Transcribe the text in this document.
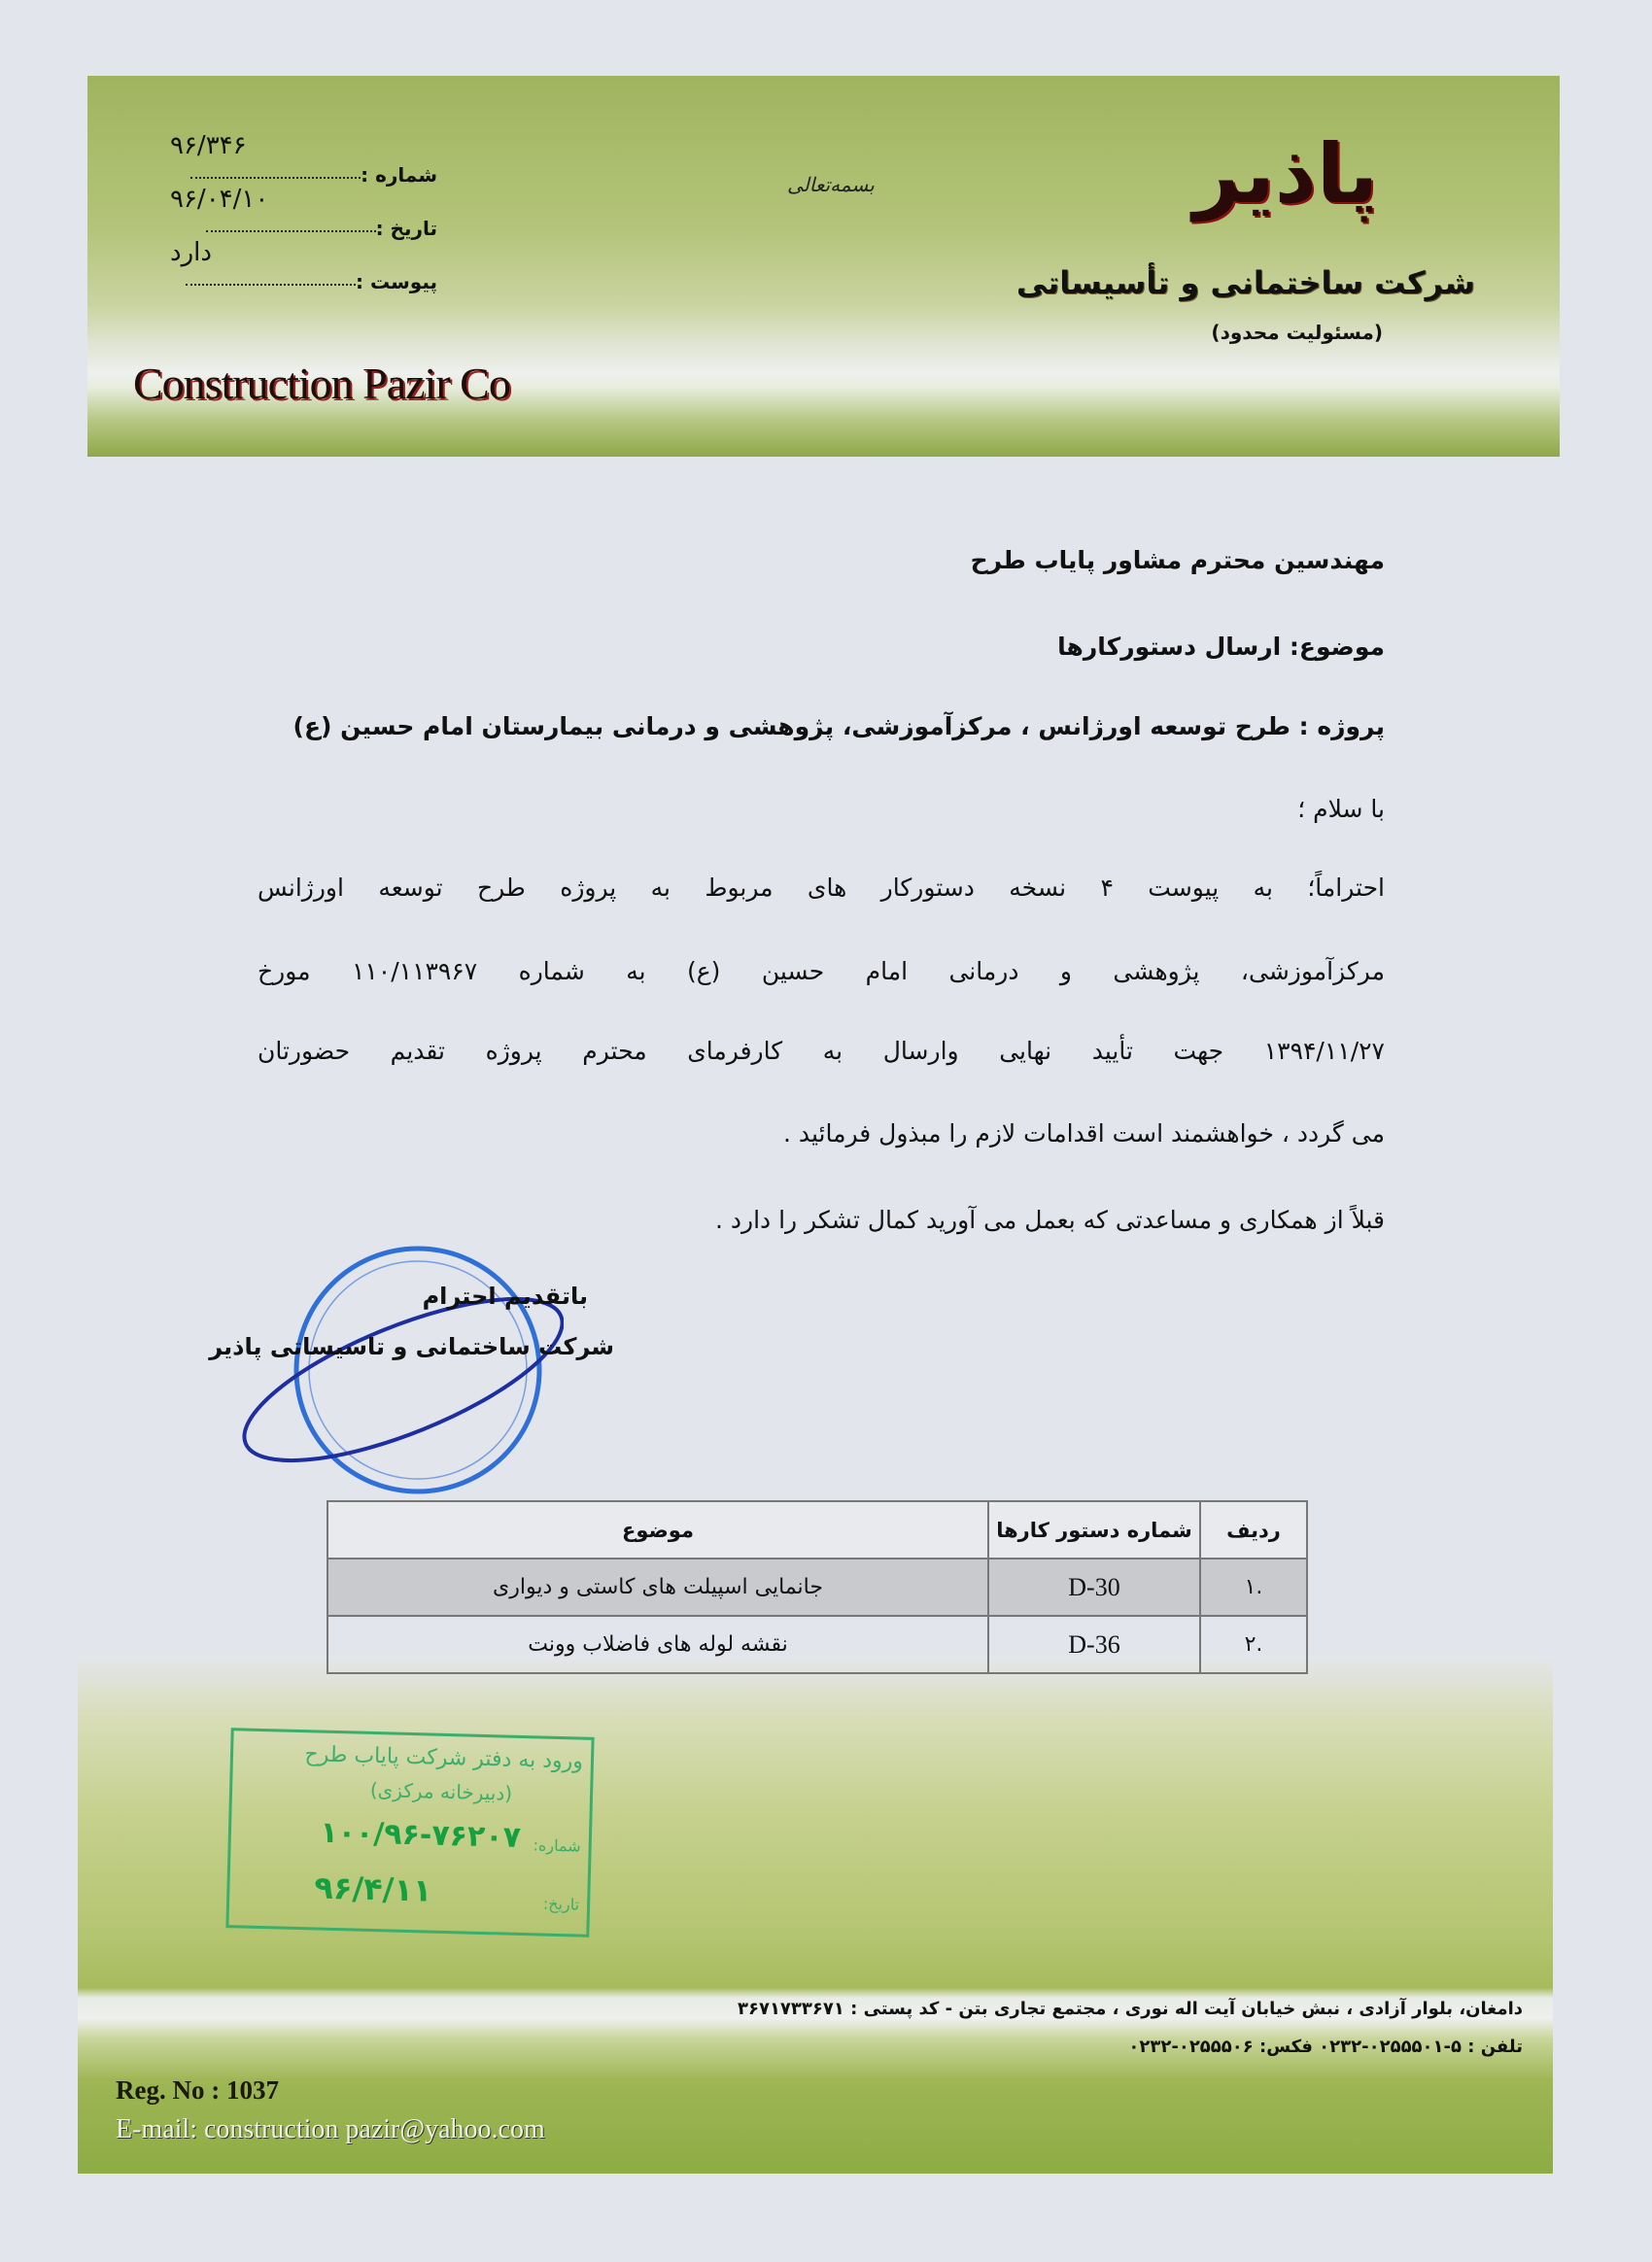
۹۶/۳۴۶
شماره :
۹۶/۰۴/۱۰
تاریخ :
دارد
پیوست :
بسمه‌تعالی	پاذیر
شرکت ساختمانی و تأسیساتی
(مسئولیت محدود)
Construction Pazir Co
مهندسین محترم مشاور پایاب طرح
موضوع: ارسال دستورکارها
پروژه : طرح توسعه اورژانس ، مرکزآموزشی، پژوهشی و درمانی بیمارستان امام حسین (ع)
با سلام ؛
احتراماً؛ به پیوست ۴ نسخه دستورکار های مربوط به پروژه طرح توسعه اورژانس
مرکزآموزشی، پژوهشی و درمانی امام حسین (ع) به شماره ۱۱۰/۱۱۳۹۶۷ مورخ
۱۳۹۴/۱۱/۲۷ جهت تأیید نهایی وارسال به کارفرمای محترم پروژه تقدیم حضورتان
می گردد ، خواهشمند است اقدامات لازم را مبذول فرمائید .
قبلاً از همکاری و مساعدتی که بعمل می آورید کمال تشکر را دارد .
باتقدیم احترام
شرکت ساختمانی و تاسیساتی پاذیر
ردیف	شماره دستور کارها	موضوع
.۱	D-30	جانمایی اسپیلت های کاستی و دیواری
.۲	D-36	نقشه لوله های فاضلاب وونت
ورود به دفتر شرکت پایاب طرح
(دبیرخانه مرکزی)
شماره:
۱۰۰/۹۶-۷۶۲۰۷
تاریخ:
۹۶/۴/۱۱
دامغان، بلوار آزادی ، نبش خیابان آیت اله نوری ، مجتمع تجاری بتن - کد پستی : ۳۶۷۱۷۳۳۶۷۱
تلفن : ۵-۰۲۵۵۵۰۱-۰۲۳۲ فکس: ۰۲۵۵۵۰۶-۰۲۳۲
Reg. No : 1037
E-mail: construction pazir@yahoo.com
